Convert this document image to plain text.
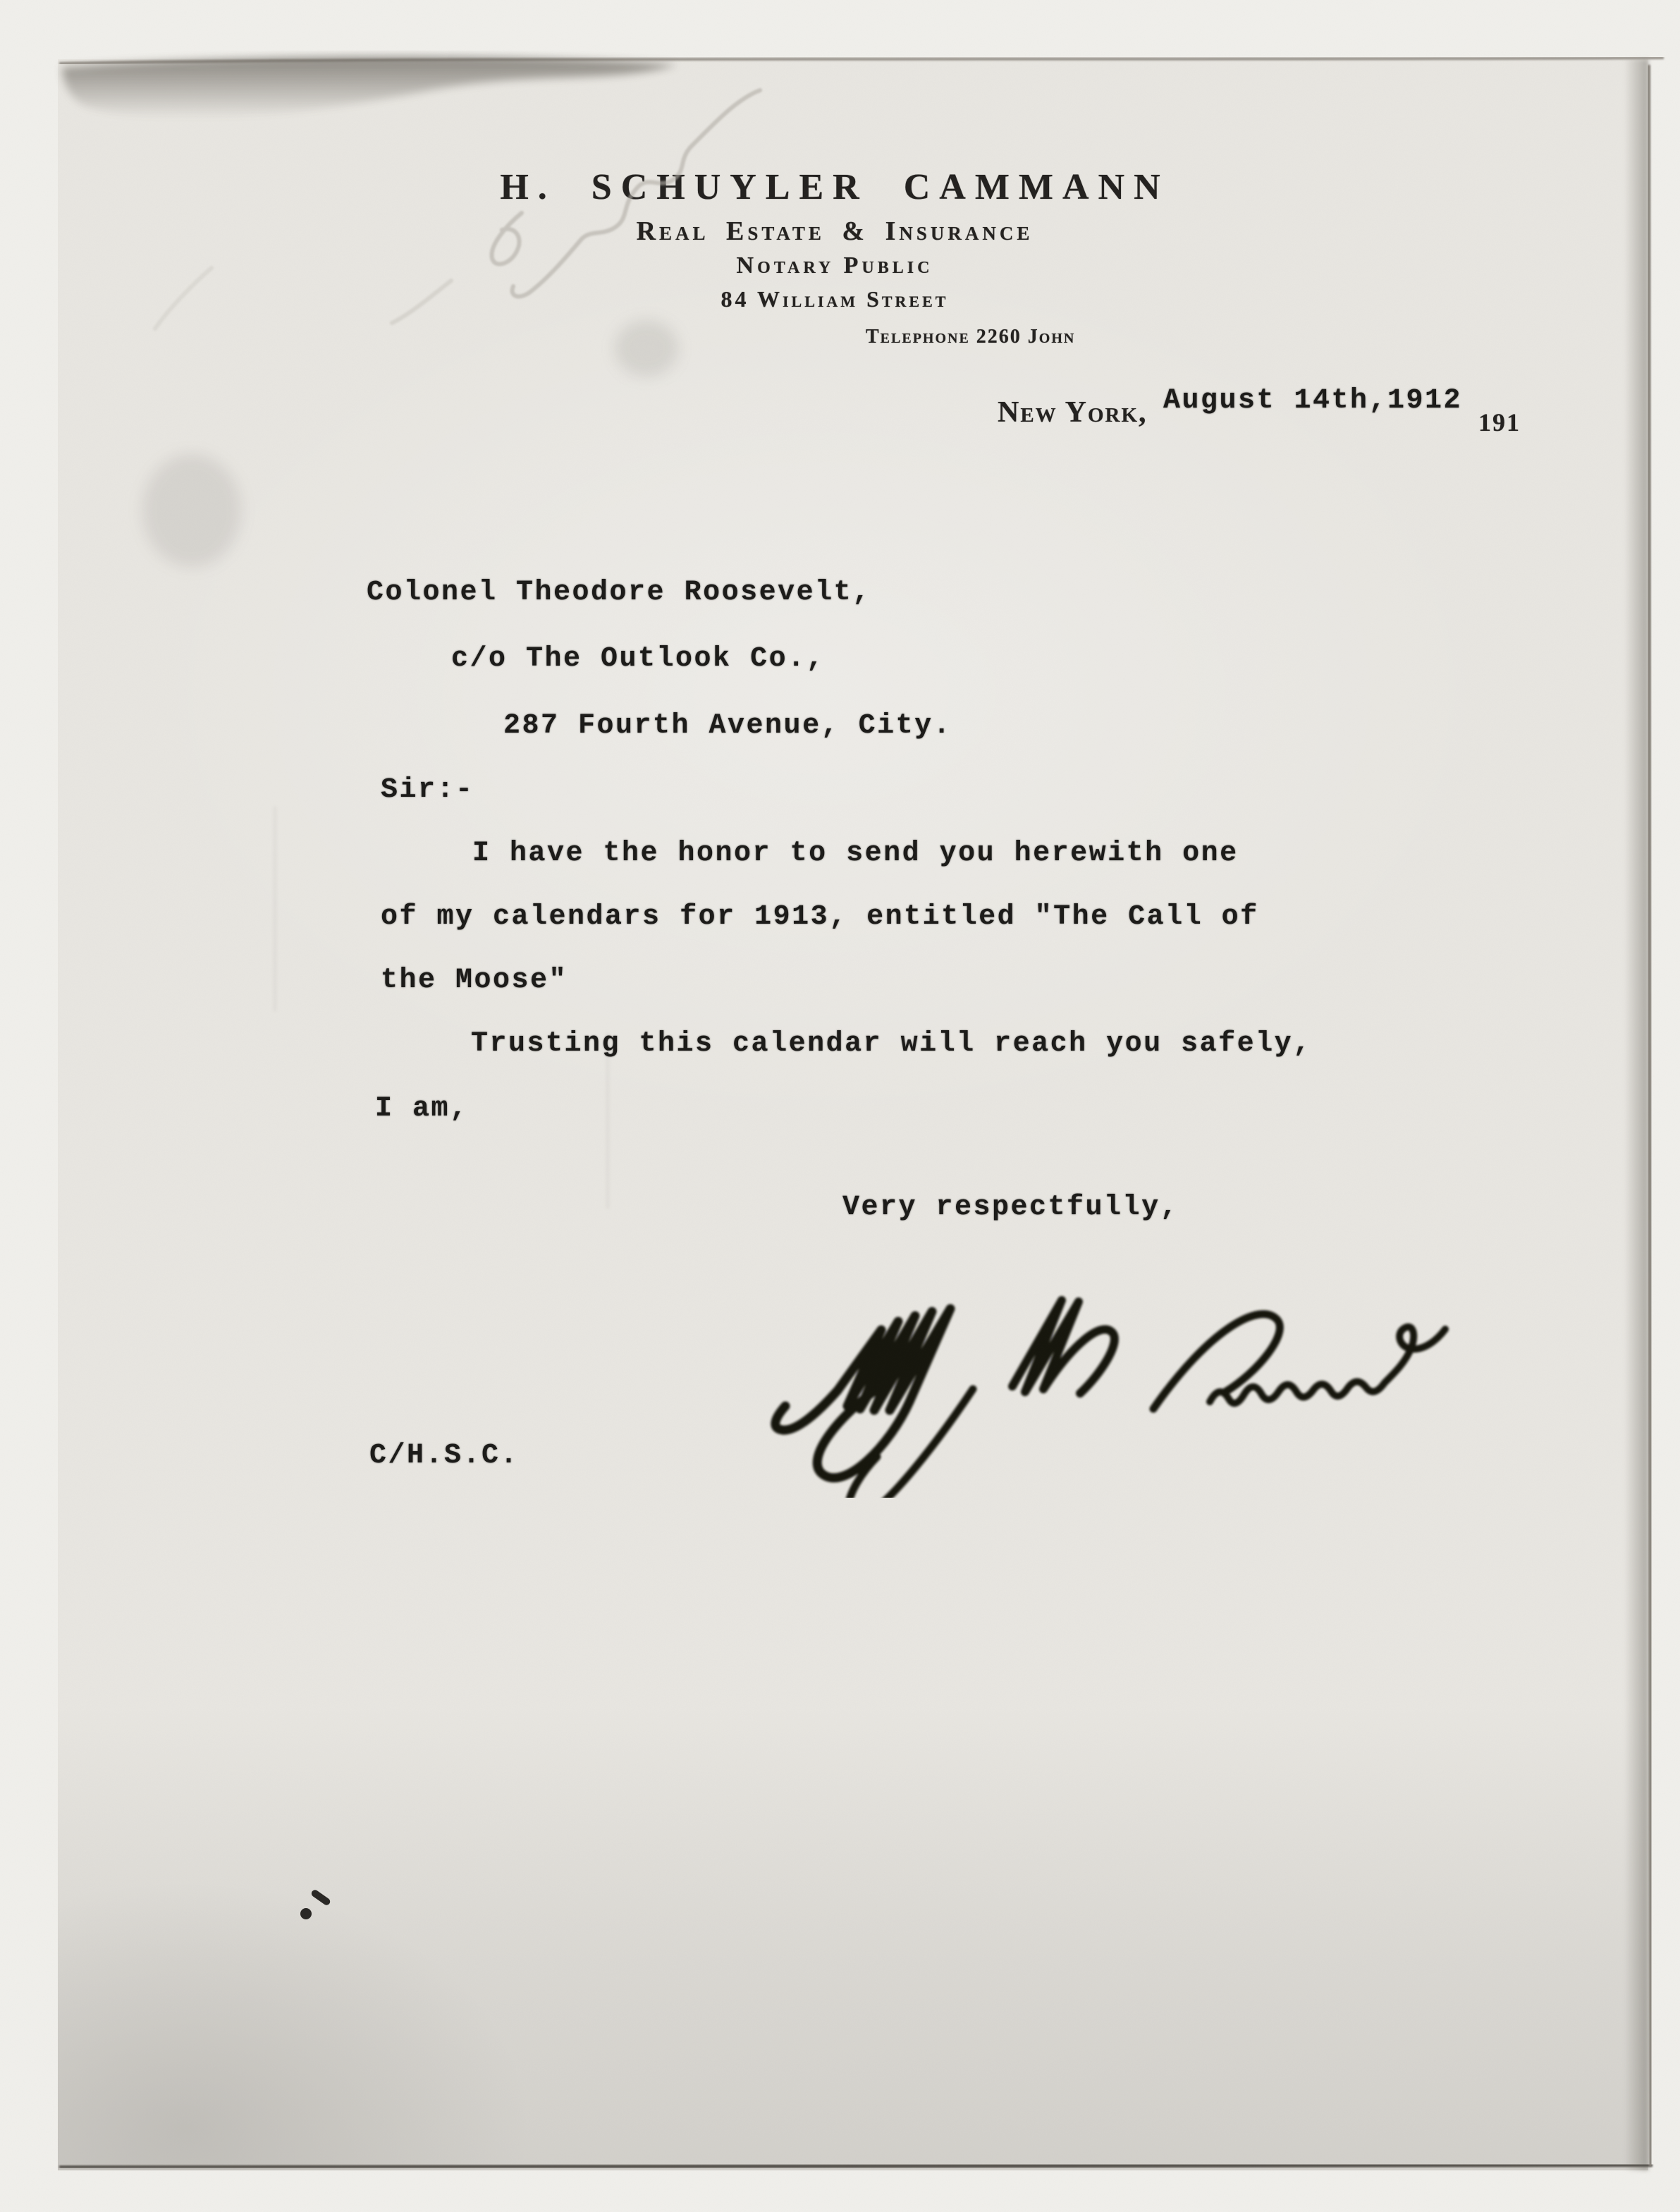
H. SCHUYLER CAMMANN
Real Estate & Insurance
Notary Public
84 William Street
Telephone 2260 John
New York, August 14th,1912
191
Colonel Theodore Roosevelt,
c/o The Outlook Co.,
287 Fourth Avenue, City.
Sir:-
I have the honor to send you herewith one
of my calendars for 1913, entitled "The Call of
the Moose"
Trusting this calendar will reach you safely,
I am,
Very respectfully,
C/H.S.C.
